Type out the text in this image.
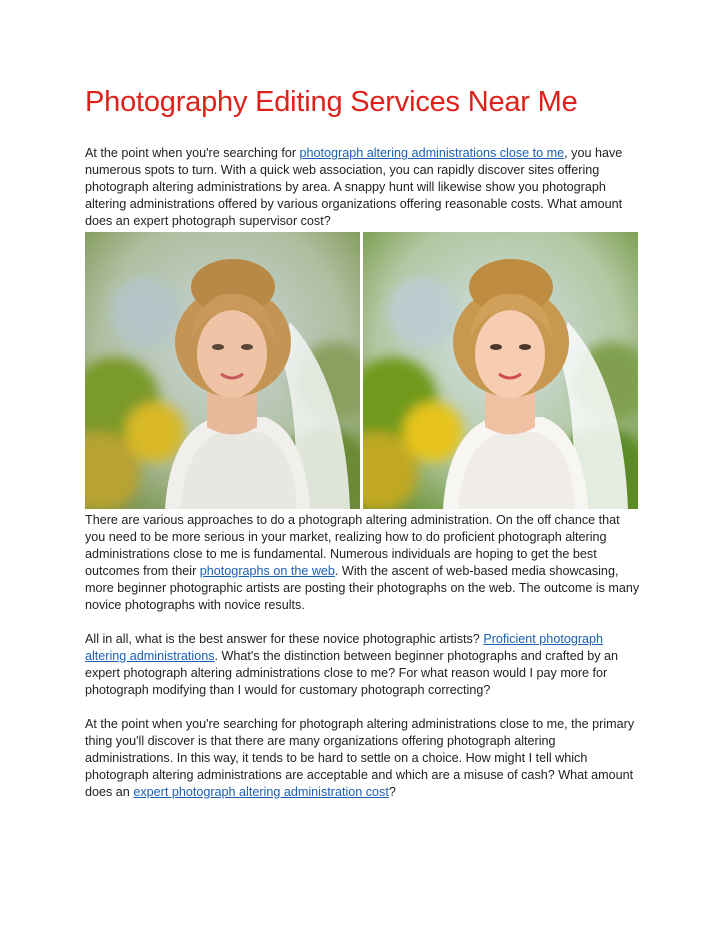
Photography Editing Services Near Me

At the point when you're searching for photograph altering administrations close to me, you have numerous spots to turn. With a quick web association, you can rapidly discover sites offering photograph altering administrations by area. A snappy hunt will likewise show you photograph altering administrations offered by various organizations offering reasonable costs. What amount does an expert photograph supervisor cost?

There are various approaches to do a photograph altering administration. On the off chance that you need to be more serious in your market, realizing how to do proficient photograph altering administrations close to me is fundamental. Numerous individuals are hoping to get the best outcomes from their photographs on the web. With the ascent of web-based media showcasing, more beginner photographic artists are posting their photographs on the web. The outcome is many novice photographs with novice results.

All in all, what is the best answer for these novice photographic artists? Proficient photograph altering administrations. What's the distinction between beginner photographs and crafted by an expert photograph altering administrations close to me? For what reason would I pay more for photograph modifying than I would for customary photograph correcting?

At the point when you're searching for photograph altering administrations close to me, the primary thing you'll discover is that there are many organizations offering photograph altering administrations. In this way, it tends to be hard to settle on a choice. How might I tell which photograph altering administrations are acceptable and which are a misuse of cash? What amount does an expert photograph altering administration cost?
